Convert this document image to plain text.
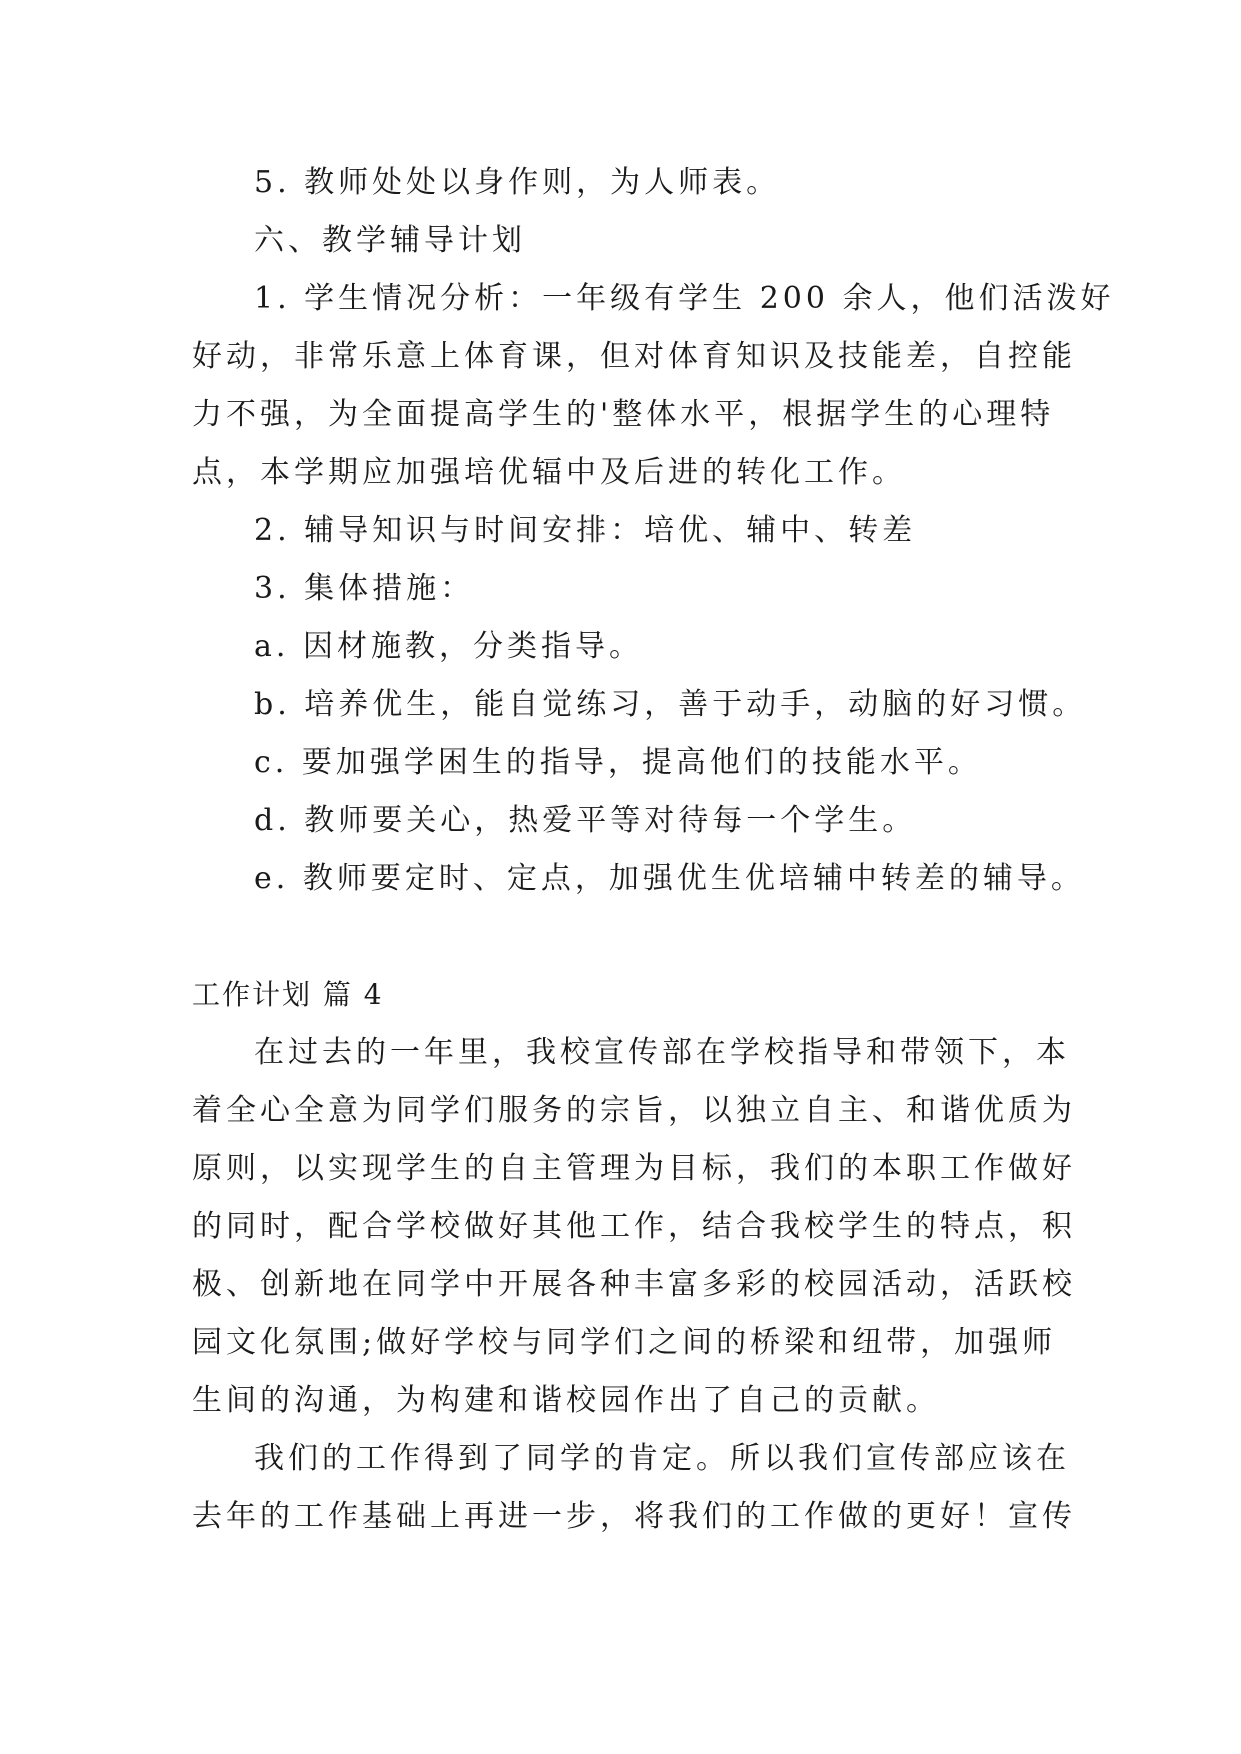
5. 教师处处以身作则，为人师表。
六、教学辅导计划
1. 学生情况分析：一年级有学生 200 余人，他们活泼好
好动，非常乐意上体育课，但对体育知识及技能差，自控能
力不强，为全面提高学生的'整体水平，根据学生的心理特
点，本学期应加强培优辐中及后进的转化工作。
2. 辅导知识与时间安排：培优、辅中、转差
3. 集体措施：
a. 因材施教，分类指导。
b. 培养优生，能自觉练习，善于动手，动脑的好习惯。
c. 要加强学困生的指导，提高他们的技能水平。
d. 教师要关心，热爱平等对待每一个学生。
e. 教师要定时、定点，加强优生优培辅中转差的辅导。
工作计划 篇 4
在过去的一年里，我校宣传部在学校指导和带领下，本
着全心全意为同学们服务的宗旨，以独立自主、和谐优质为
原则，以实现学生的自主管理为目标，我们的本职工作做好
的同时，配合学校做好其他工作，结合我校学生的特点，积
极、创新地在同学中开展各种丰富多彩的校园活动，活跃校
园文化氛围;做好学校与同学们之间的桥梁和纽带，加强师
生间的沟通，为构建和谐校园作出了自己的贡献。
我们的工作得到了同学的肯定。所以我们宣传部应该在
去年的工作基础上再进一步，将我们的工作做的更好！宣传
